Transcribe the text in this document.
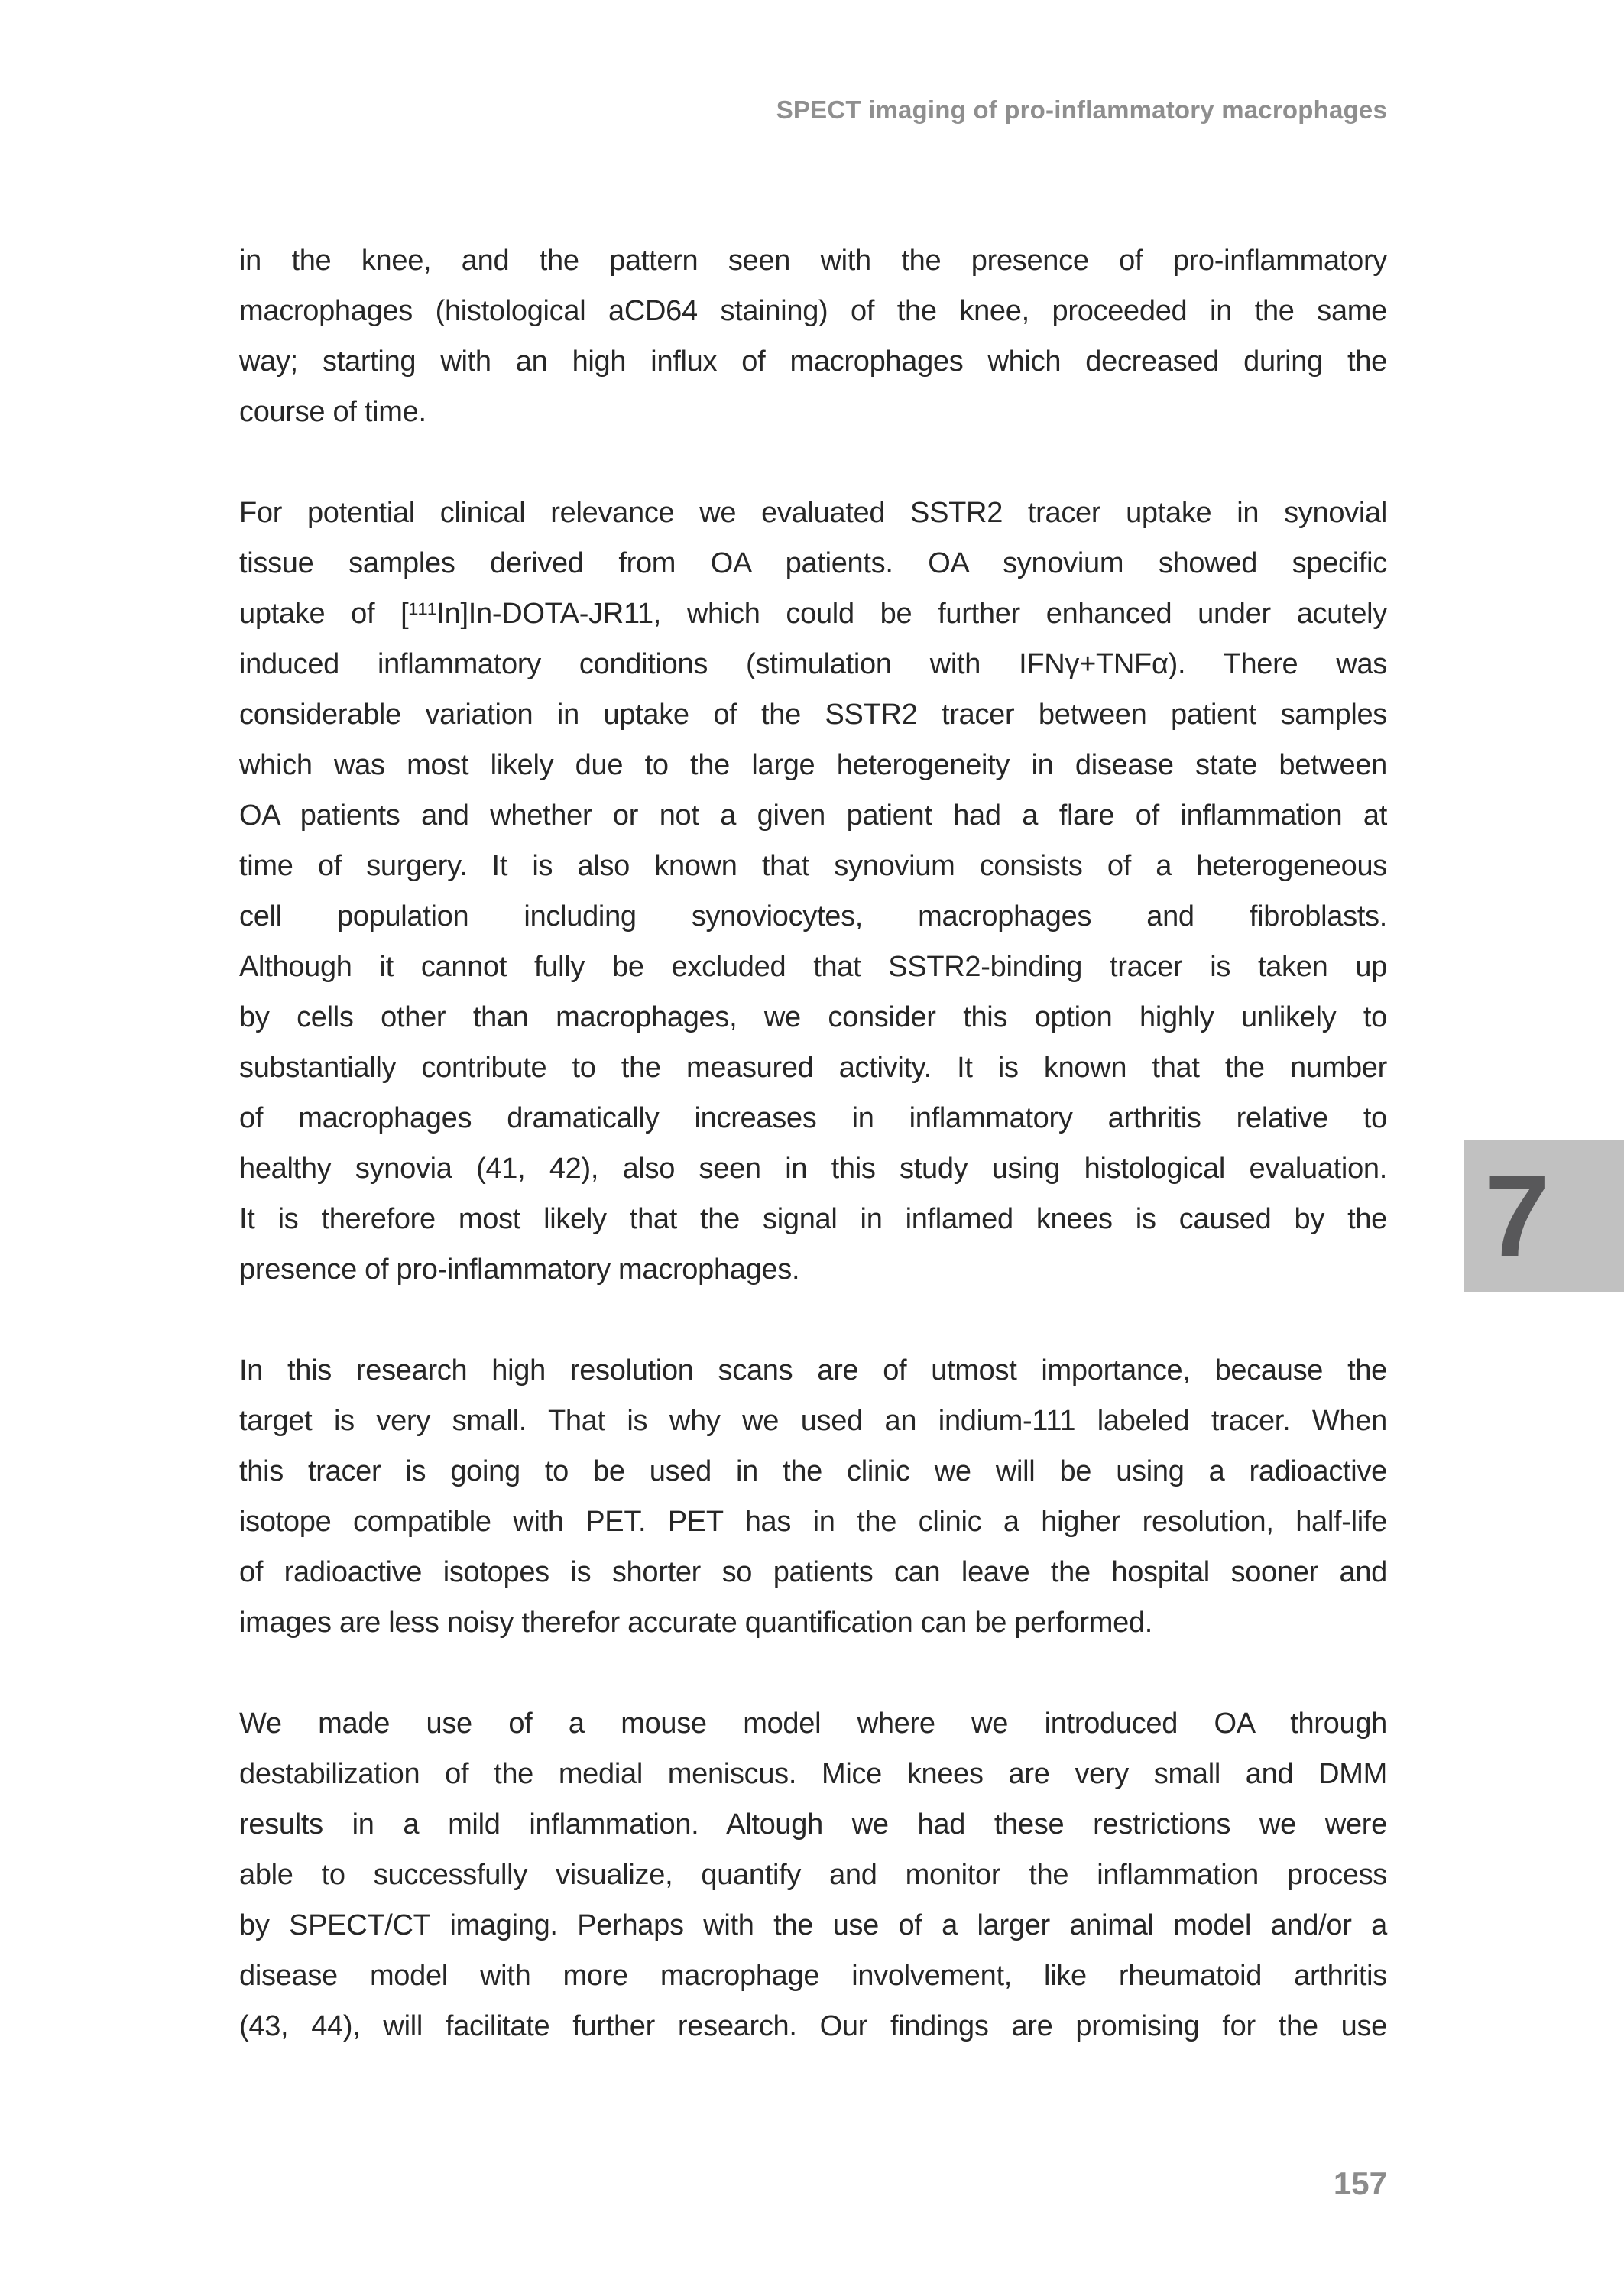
SPECT imaging of pro-inflammatory macrophages
in the knee, and the pattern seen with the presence of pro-inflammatory
macrophages (histological aCD64 staining) of the knee, proceeded in the same
way; starting with an high influx of macrophages which decreased during the
course of time.
For potential clinical relevance we evaluated SSTR2 tracer uptake in synovial
tissue samples derived from OA patients. OA synovium showed specific
uptake of [¹¹¹In]In-DOTA-JR11, which could be further enhanced under acutely
induced inflammatory conditions (stimulation with IFNγ+TNFα). There was
considerable variation in uptake of the SSTR2 tracer between patient samples
which was most likely due to the large heterogeneity in disease state between
OA patients and whether or not a given patient had a flare of inflammation at
time of surgery. It is also known that synovium consists of a heterogeneous
cell population including synoviocytes, macrophages and fibroblasts.
Although it cannot fully be excluded that SSTR2-binding tracer is taken up
by cells other than macrophages, we consider this option highly unlikely to
substantially contribute to the measured activity. It is known that the number
of macrophages dramatically increases in inflammatory arthritis relative to
healthy synovia (41, 42), also seen in this study using histological evaluation.
It is therefore most likely that the signal in inflamed knees is caused by the
presence of pro-inflammatory macrophages.
In this research high resolution scans are of utmost importance, because the
target is very small. That is why we used an indium-111 labeled tracer. When
this tracer is going to be used in the clinic we will be using a radioactive
isotope compatible with PET. PET has in the clinic a higher resolution, half-life
of radioactive isotopes is shorter so patients can leave the hospital sooner and
images are less noisy therefor accurate quantification can be performed.
We made use of a mouse model where we introduced OA through
destabilization of the medial meniscus. Mice knees are very small and DMM
results in a mild inflammation. Altough we had these restrictions we were
able to successfully visualize, quantify and monitor the inflammation process
by SPECT/CT imaging. Perhaps with the use of a larger animal model and/or a
disease model with more macrophage involvement, like rheumatoid arthritis
(43, 44), will facilitate further research. Our findings are promising for the use
7
157
